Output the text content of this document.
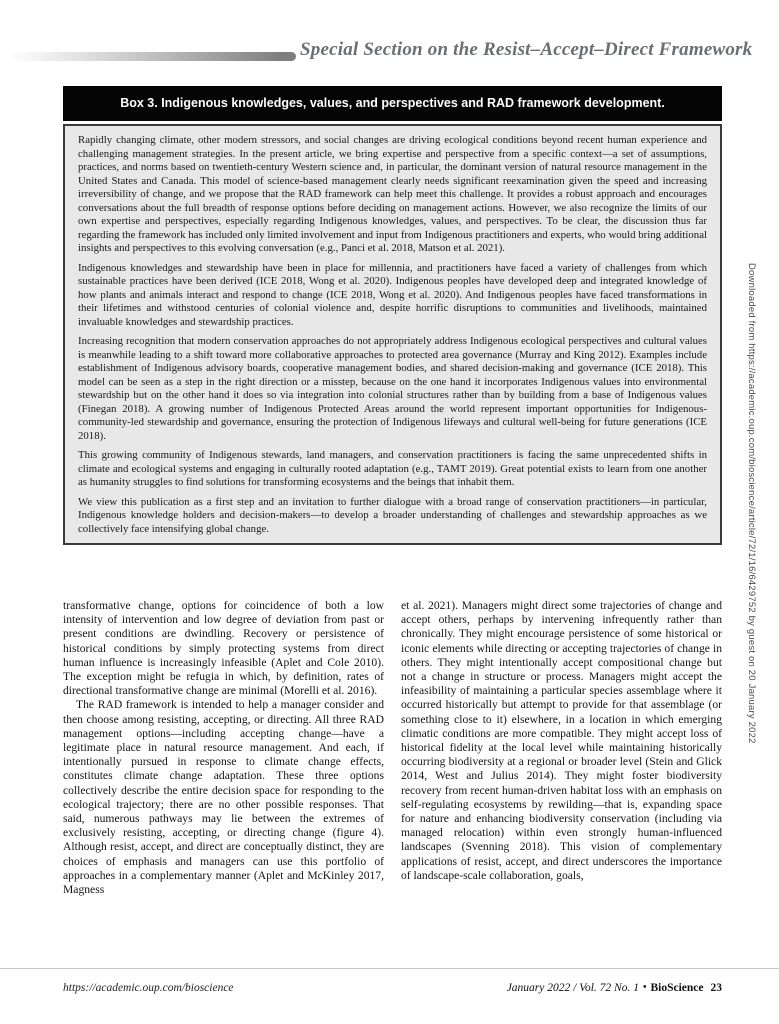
Special Section on the Resist–Accept–Direct Framework
Box 3. Indigenous knowledges, values, and perspectives and RAD framework development.

Rapidly changing climate, other modern stressors, and social changes are driving ecological conditions beyond recent human experience and challenging management strategies. In the present article, we bring expertise and perspective from a specific context—a set of assumptions, practices, and norms based on twentieth-century Western science and, in particular, the dominant version of natural resource management in the United States and Canada. This model of science-based management clearly needs significant reexamination given the speed and increasing irreversibility of change, and we propose that the RAD framework can help meet this challenge. It provides a robust approach and encourages conversations about the full breadth of response options before deciding on management actions. However, we also recognize the limits of our own expertise and perspectives, especially regarding Indigenous knowledges, values, and perspectives. To be clear, the discussion thus far regarding the framework has included only limited involvement and input from Indigenous practitioners and experts, who would bring additional insights and perspectives to this evolving conversation (e.g., Panci et al. 2018, Matson et al. 2021).

Indigenous knowledges and stewardship have been in place for millennia, and practitioners have faced a variety of challenges from which sustainable practices have been derived (ICE 2018, Wong et al. 2020). Indigenous peoples have developed deep and integrated knowledge of how plants and animals interact and respond to change (ICE 2018, Wong et al. 2020). And Indigenous peoples have faced transformations in their lifetimes and withstood centuries of colonial violence and, despite horrific disruptions to communities and livelihoods, maintained invaluable knowledges and stewardship practices.

Increasing recognition that modern conservation approaches do not appropriately address Indigenous ecological perspectives and cultural values is meanwhile leading to a shift toward more collaborative approaches to protected area governance (Murray and King 2012). Examples include establishment of Indigenous advisory boards, cooperative management bodies, and shared decision-making and governance (ICE 2018). This model can be seen as a step in the right direction or a misstep, because on the one hand it incorporates Indigenous values into environmental stewardship but on the other hand it does so via integration into colonial structures rather than by building from a base of Indigenous values (Finegan 2018). A growing number of Indigenous Protected Areas around the world represent important opportunities for Indigenous-community-led stewardship and governance, ensuring the protection of Indigenous lifeways and cultural well-being for future generations (ICE 2018).

This growing community of Indigenous stewards, land managers, and conservation practitioners is facing the same unprecedented shifts in climate and ecological systems and engaging in culturally rooted adaptation (e.g., TAMT 2019). Great potential exists to learn from one another as humanity struggles to find solutions for transforming ecosystems and the beings that inhabit them.

We view this publication as a first step and an invitation to further dialogue with a broad range of conservation practitioners—in particular, Indigenous knowledge holders and decision-makers—to develop a broader understanding of challenges and stewardship approaches as we collectively face intensifying global change.

transformative change, options for coincidence of both a low intensity of intervention and low degree of deviation from past or present conditions are dwindling. Recovery or persistence of historical conditions by simply protecting systems from direct human influence is increasingly infeasible (Aplet and Cole 2010). The exception might be refugia in which, by definition, rates of directional transformative change are minimal (Morelli et al. 2016).

The RAD framework is intended to help a manager consider and then choose among resisting, accepting, or directing. All three RAD management options—including accepting change—have a legitimate place in natural resource management. And each, if intentionally pursued in response to climate change effects, constitutes climate change adaptation. These three options collectively describe the entire decision space for responding to the ecological trajectory; there are no other possible responses. That said, numerous pathways may lie between the extremes of exclusively resisting, accepting, or directing change (figure 4). Although resist, accept, and direct are conceptually distinct, they are choices of emphasis and managers can use this portfolio of approaches in a complementary manner (Aplet and McKinley 2017, Magness

et al. 2021). Managers might direct some trajectories of change and accept others, perhaps by intervening infrequently rather than chronically. They might encourage persistence of some historical or iconic elements while directing or accepting trajectories of change in others. They might intentionally accept compositional change but not a change in structure or process. Managers might accept the infeasibility of maintaining a particular species assemblage where it occurred historically but attempt to provide for that assemblage (or something close to it) elsewhere, in a location in which emerging climatic conditions are more compatible. They might accept loss of historical fidelity at the local level while maintaining historically occurring biodiversity at a regional or broader level (Stein and Glick 2014, West and Julius 2014). They might foster biodiversity recovery from recent human-driven habitat loss with an emphasis on self-regulating ecosystems by rewilding—that is, expanding space for nature and enhancing biodiversity conservation (including via managed relocation) within even strongly human-influenced landscapes (Svenning 2018). This vision of complementary applications of resist, accept, and direct underscores the importance of landscape-scale collaboration, goals,

https://academic.oup.com/bioscience	January 2022 / Vol. 72 No. 1 • BioScience 23
Downloaded from https://academic.oup.com/bioscience/article/72/1/16/6429752 by guest on 20 January 2022
